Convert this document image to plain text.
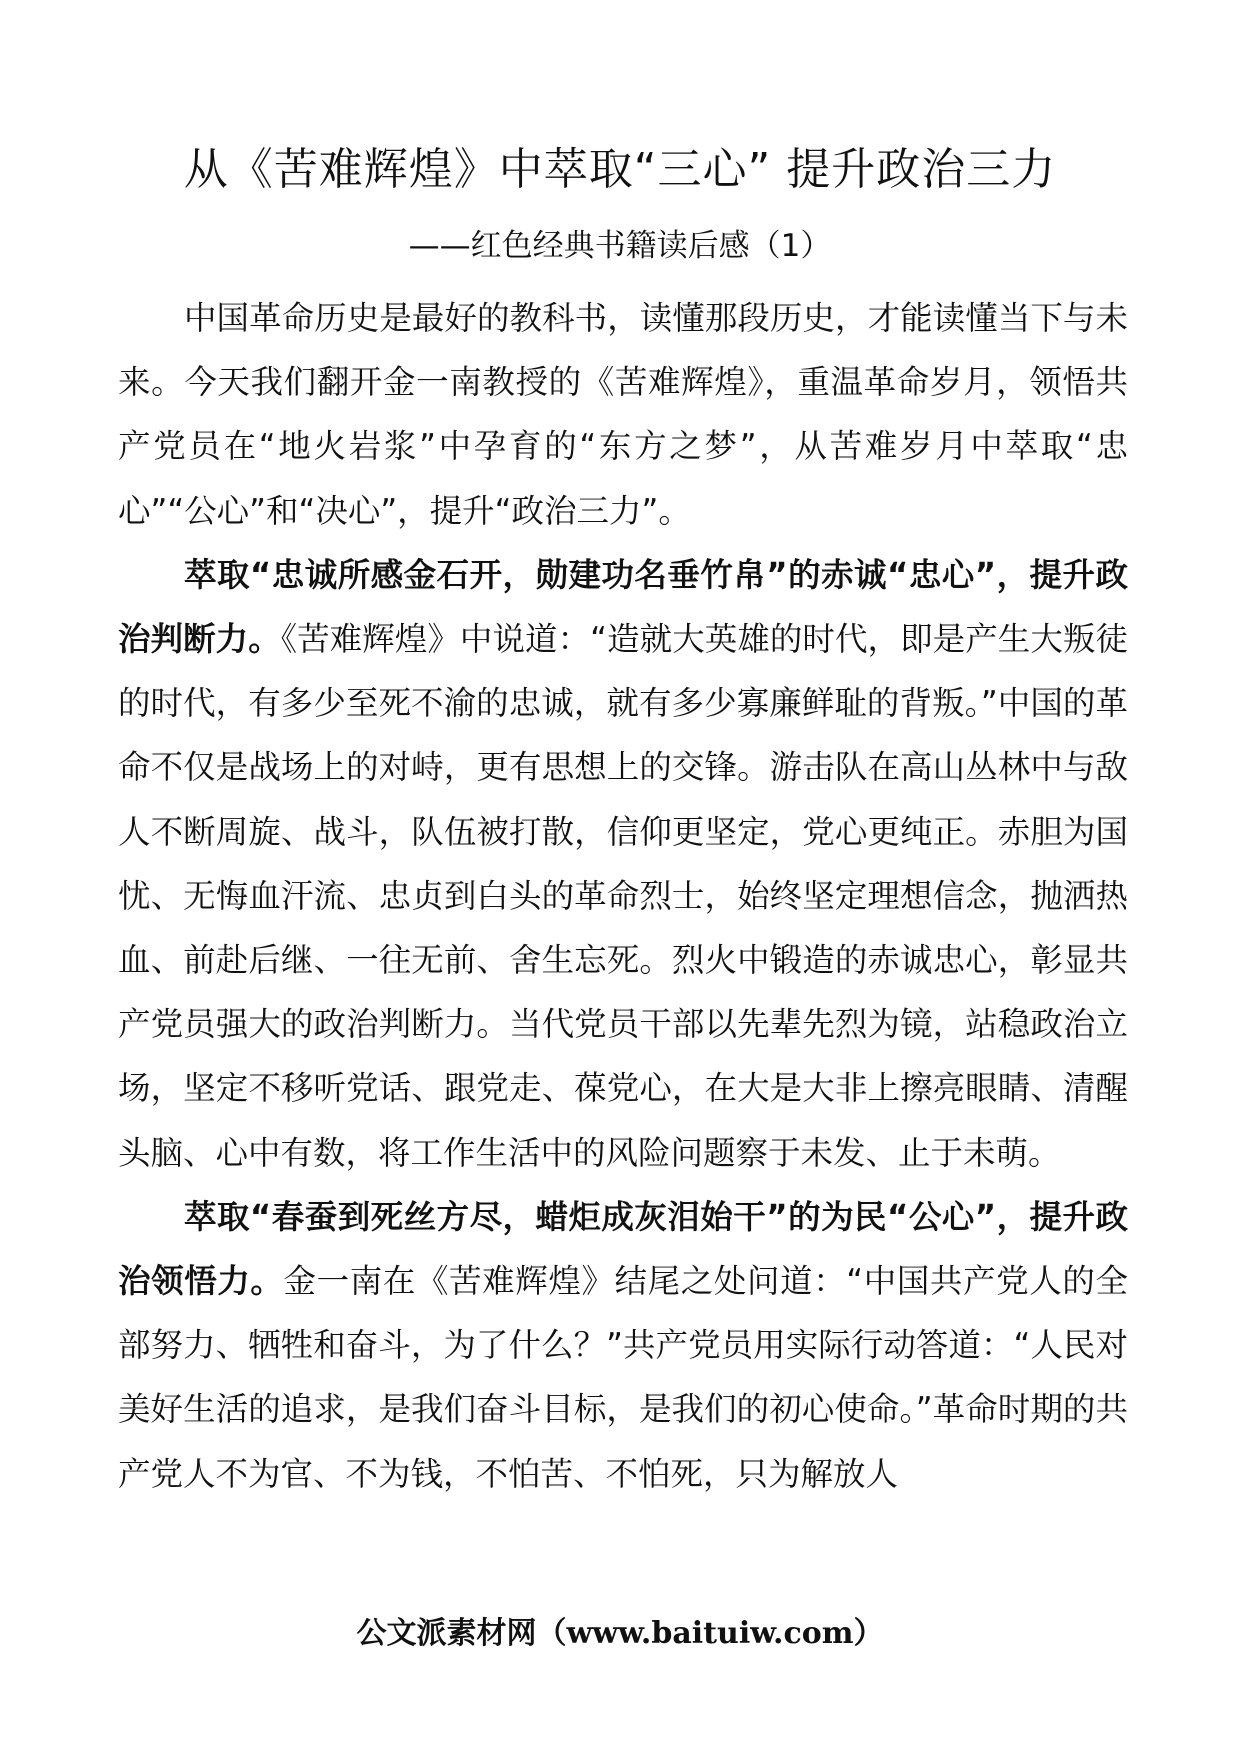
从《苦难辉煌》中萃取“三心” 提升政治三力
——红色经典书籍读后感（1）

中国革命历史是最好的教科书，读懂那段历史，才能读懂当下与未来。今天我们翻开金一南教授的《苦难辉煌》，重温革命岁月，领悟共产党员在“地火岩浆”中孕育的“东方之梦”，从苦难岁月中萃取“忠心”“公心”和“决心”，提升“政治三力”。

萃取“忠诚所感金石开，勋建功名垂竹帛”的赤诚“忠心”，提升政治判断力。《苦难辉煌》中说道：“造就大英雄的时代，即是产生大叛徒的时代，有多少至死不渝的忠诚，就有多少寡廉鲜耻的背叛。”中国的革命不仅是战场上的对峙，更有思想上的交锋。游击队在高山丛林中与敌人不断周旋、战斗，队伍被打散，信仰更坚定，党心更纯正。赤胆为国忧、无悔血汗流、忠贞到白头的革命烈士，始终坚定理想信念，抛洒热血、前赴后继、一往无前、舍生忘死。烈火中锻造的赤诚忠心，彰显共产党员强大的政治判断力。当代党员干部以先辈先烈为镜，站稳政治立场，坚定不移听党话、跟党走、葆党心，在大是大非上擦亮眼睛、清醒头脑、心中有数，将工作生活中的风险问题察于未发、止于未萌。

萃取“春蚕到死丝方尽，蜡炬成灰泪始干”的为民“公心”，提升政治领悟力。金一南在《苦难辉煌》结尾之处问道：“中国共产党人的全部努力、牺牲和奋斗，为了什么？”共产党员用实际行动答道：“人民对美好生活的追求，是我们奋斗目标，是我们的初心使命。”革命时期的共产党人不为官、不为钱，不怕苦、不怕死，只为解放人

公文派素材网（www.baituiw.com）
